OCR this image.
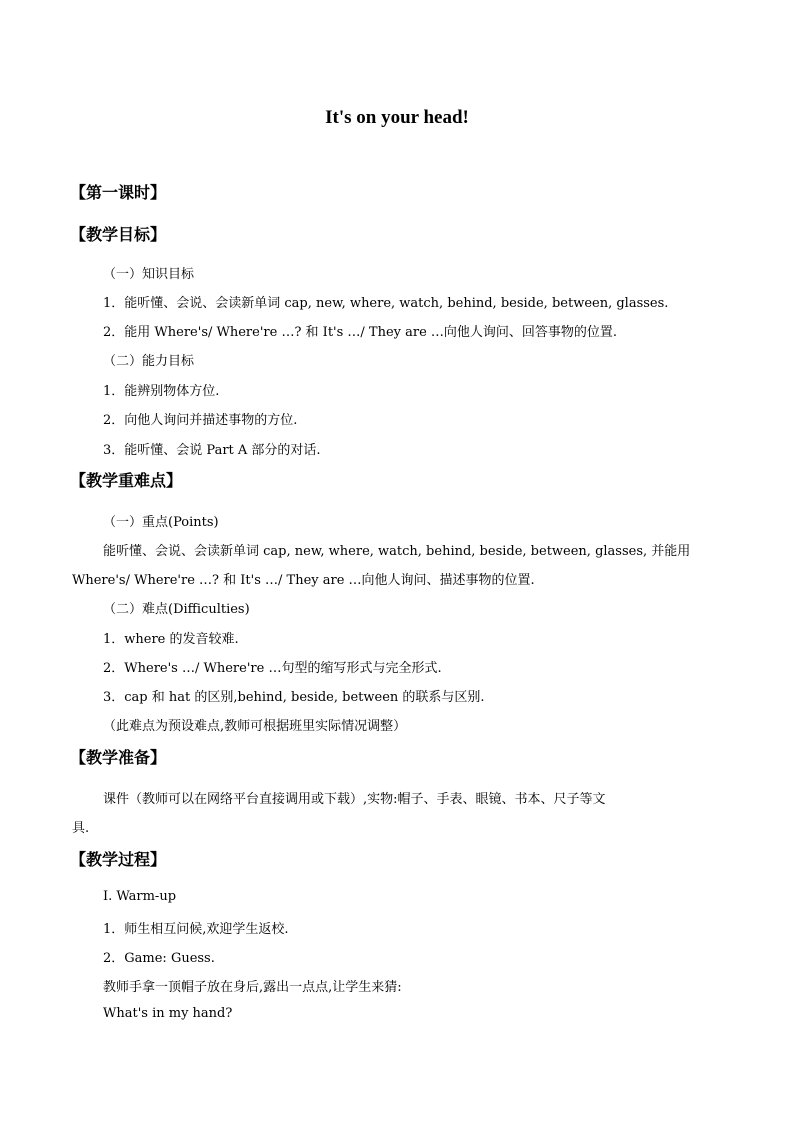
It's on your head!
【第一课时】
【教学目标】
（一）知识目标
1．能听懂、会说、会读新单词 cap, new, where, watch, behind, beside, between, glasses.
2．能用 Where's/ Where're …? 和 It's …/ They are …向他人询问、回答事物的位置.
（二）能力目标
1．能辨别物体方位.
2．向他人询问并描述事物的方位.
3．能听懂、会说 Part A 部分的对话.
【教学重难点】
（一）重点(Points)
能听懂、会说、会读新单词 cap, new, where, watch, behind, beside, between, glasses, 并能用
Where's/ Where're …? 和 It's …/ They are …向他人询问、描述事物的位置.
（二）难点(Difficulties)
1．where 的发音较难.
2．Where's …/ Where're …句型的缩写形式与完全形式.
3．cap 和 hat 的区别,behind, beside, between 的联系与区别.
（此难点为预设难点,教师可根据班里实际情况调整）
【教学准备】
课件（教师可以在网络平台直接调用或下载）,实物:帽子、手表、眼镜、书本、尺子等文
具.
【教学过程】
I. Warm-up
1．师生相互问候,欢迎学生返校.
2．Game: Guess.
教师手拿一顶帽子放在身后,露出一点点,让学生来猜:
What's in my hand?
